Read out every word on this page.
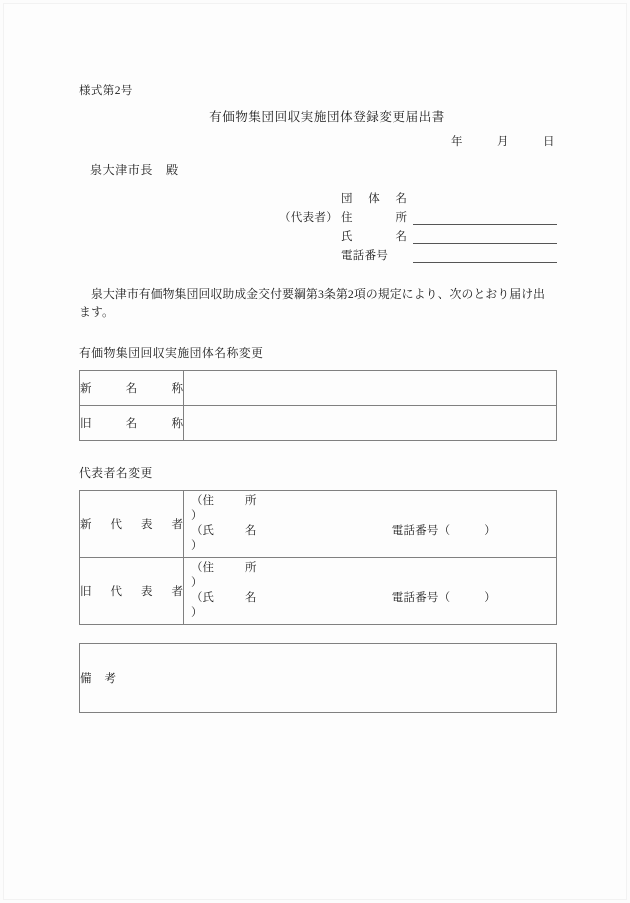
様式第2号
有価物集団回収実施団体登録変更届出書
年	月	日
泉大津市長 殿
団 体 名
（代表者） 住	所
氏	名
電話番号
泉大津市有価物集団回収助成金交付要綱第3条第2項の規定により、次のとおり届け出ます。
有価物集団回収実施団体名称変更
新 名 称	

旧 名 称	

代表者名変更
新 代 表 者

（ 住	所
）
（ 氏	名
）
電話番号（	）

旧 代 表 者

（ 住	所
）
（ 氏	名
）
電話番号（	）
備 考
